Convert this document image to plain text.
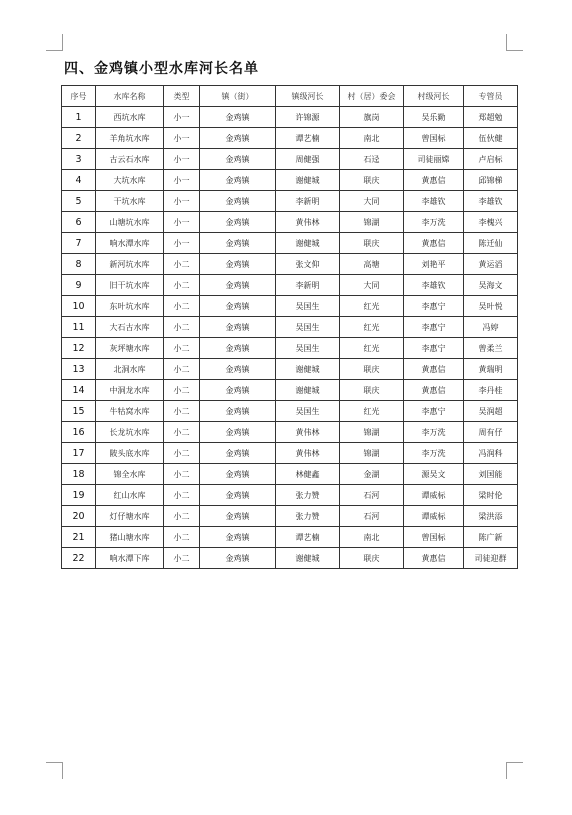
四、金鸡镇小型水库河长名单
序号	水库名称	类型	镇（街）	镇级河长	村（居）委会	村级河长	专管员
1	西坑水库	小一	金鸡镇	许锦源	旗岗	吴乐勤	郑超勉
2	羊角坑水库	小一	金鸡镇	谭艺楠	南北	曾国标	伍伙健
3	古云石水库	小一	金鸡镇	周健强	石迳	司徒丽嫦	卢启标
4	大坑水库	小一	金鸡镇	谢健城	联庆	黄惠信	邱锦梯
5	干坑水库	小一	金鸡镇	李新明	大同	李雄钦	李雄钦
6	山塘坑水库	小一	金鸡镇	黄伟林	锦湖	李万洗	李槐兴
7	响水潭水库	小一	金鸡镇	谢健城	联庆	黄惠信	陈迁仙
8	新河坑水库	小二	金鸡镇	张文仰	高塘	刘艳平	黄运滔
9	旧干坑水库	小二	金鸡镇	李新明	大同	李雄钦	吴海文
10	东叶坑水库	小二	金鸡镇	吴国生	红光	李惠宁	吴叶悦
11	大石古水库	小二	金鸡镇	吴国生	红光	李惠宁	冯婷
12	灰坪塘水库	小二	金鸡镇	吴国生	红光	李惠宁	曾柔兰
13	北洞水库	小二	金鸡镇	谢健城	联庆	黄惠信	黄瑞明
14	中洞龙水库	小二	金鸡镇	谢健城	联庆	黄惠信	李丹桂
15	牛牯窝水库	小二	金鸡镇	吴国生	红光	李惠宁	吴润超
16	长龙坑水库	小二	金鸡镇	黄伟林	锦湖	李万洗	周有仔
17	陂头底水库	小二	金鸡镇	黄伟林	锦湖	李万洗	冯润科
18	锦全水库	小二	金鸡镇	林健鑫	金湖	源吴文	刘国能
19	红山水库	小二	金鸡镇	张力赞	石河	谭威标	梁时伦
20	灯仔塘水库	小二	金鸡镇	张力赞	石河	谭威标	梁洪添
21	猪山塘水库	小二	金鸡镇	谭艺楠	南北	曾国标	陈广新
22	响水潭下库	小二	金鸡镇	谢健城	联庆	黄惠信	司徒迎群
